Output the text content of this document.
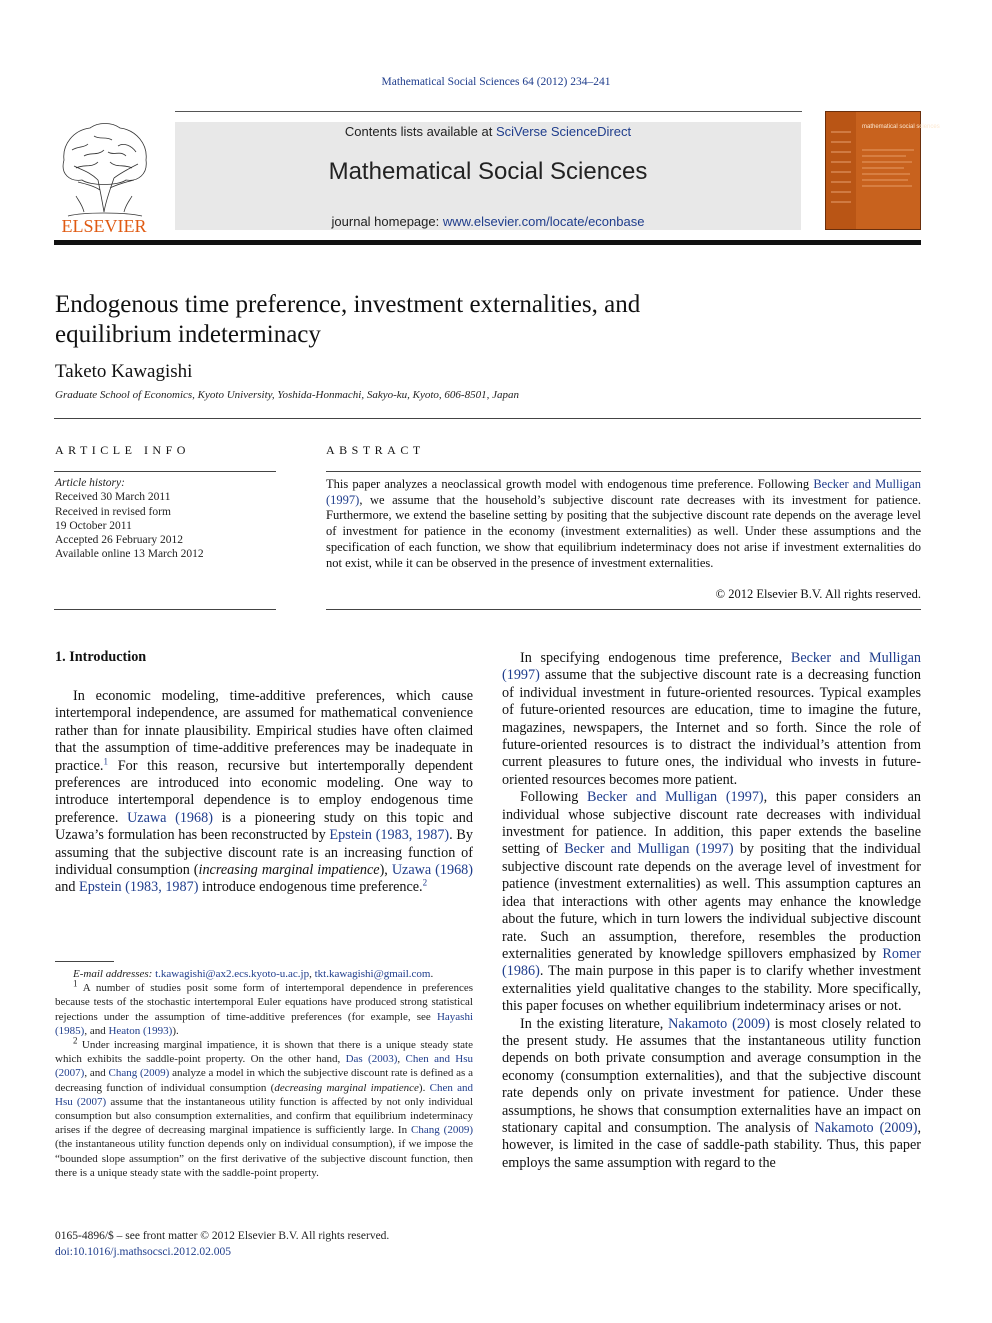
Mathematical Social Sciences 64 (2012) 234–241
ELSEVIER
Contents lists available at SciVerse ScienceDirect
Mathematical Social Sciences
journal homepage: www.elsevier.com/locate/econbase
mathematical social sciences
Endogenous time preference, investment externalities, and equilibrium indeterminacy
Taketo Kawagishi
Graduate School of Economics, Kyoto University, Yoshida-Honmachi, Sakyo-ku, Kyoto, 606-8501, Japan
ARTICLE INFO
Article history:
Received 30 March 2011
Received in revised form
19 October 2011
Accepted 26 February 2012
Available online 13 March 2012
ABSTRACT
This paper analyzes a neoclassical growth model with endogenous time preference. Following Becker and Mulligan (1997), we assume that the household’s subjective discount rate decreases with its investment for patience. Furthermore, we extend the baseline setting by positing that the subjective discount rate depends on the average level of investment for patience in the economy (investment externalities) as well. Under these assumptions and the specification of each function, we show that equilibrium indeterminacy does not arise if investment externalities do not exist, while it can be observed in the presence of investment externalities.
© 2012 Elsevier B.V. All rights reserved.
1. Introduction

In economic modeling, time-additive preferences, which cause intertemporal independence, are assumed for mathematical convenience rather than for innate plausibility. Empirical studies have often claimed that the assumption of time-additive preferences may be inadequate in practice.$^1$ For this reason, recursive but intertemporally dependent preferences are introduced into economic modeling. One way to introduce intertemporal dependence is to employ endogenous time preference. Uzawa (1968) is a pioneering study on this topic and Uzawa’s formulation has been reconstructed by Epstein (1983, 1987). By assuming that the subjective discount rate is an increasing function of individual consumption (increasing marginal impatience), Uzawa (1968) and Epstein (1983, 1987) introduce endogenous time preference.$^2$

E-mail addresses: t.kawagishi@ax2.ecs.kyoto-u.ac.jp, tkt.kawagishi@gmail.com.

$^1$ A number of studies posit some form of intertemporal dependence in preferences because tests of the stochastic intertemporal Euler equations have produced strong statistical rejections under the assumption of time-additive preferences (for example, see Hayashi (1985), and Heaton (1993)).

$^2$ Under increasing marginal impatience, it is shown that there is a unique steady state which exhibits the saddle-point property. On the other hand, Das (2003), Chen and Hsu (2007), and Chang (2009) analyze a model in which the subjective discount rate is defined as a decreasing function of individual consumption (decreasing marginal impatience). Chen and Hsu (2007) assume that the instantaneous utility function is affected by not only individual consumption but also consumption externalities, and confirm that equilibrium indeterminacy arises if the degree of decreasing marginal impatience is sufficiently large. In Chang (2009) (the instantaneous utility function depends only on individual consumption), if we impose the “bounded slope assumption” on the first derivative of the subjective discount function, then there is a unique steady state with the saddle-point property.

In specifying endogenous time preference, Becker and Mulligan (1997) assume that the subjective discount rate is a decreasing function of individual investment in future-oriented resources. Typical examples of future-oriented resources are education, time to imagine the future, magazines, newspapers, the Internet and so forth. Since the role of future-oriented resources is to distract the individual’s attention from current pleasures to future ones, the individual who invests in future-oriented resources becomes more patient.

Following Becker and Mulligan (1997), this paper considers an individual whose subjective discount rate decreases with individual investment for patience. In addition, this paper extends the baseline setting of Becker and Mulligan (1997) by positing that the individual subjective discount rate depends on the average level of investment for patience (investment externalities) as well. This assumption captures an idea that interactions with other agents may enhance the knowledge about the future, which in turn lowers the individual subjective discount rate. Such an assumption, therefore, resembles the production externalities generated by knowledge spillovers emphasized by Romer (1986). The main purpose in this paper is to clarify whether investment externalities yield qualitative changes to the stability. More specifically, this paper focuses on whether equilibrium indeterminacy arises or not.

In the existing literature, Nakamoto (2009) is most closely related to the present study. He assumes that the instantaneous utility function depends on both private consumption and average consumption in the economy (consumption externalities), and that the subjective discount rate depends only on private investment for patience. Under these assumptions, he shows that consumption externalities have an impact on stationary capital and consumption. The analysis of Nakamoto (2009), however, is limited in the case of saddle-path stability. Thus, this paper employs the same assumption with regard to the

0165-4896/$ – see front matter © 2012 Elsevier B.V. All rights reserved.
doi:10.1016/j.mathsocsci.2012.02.005
